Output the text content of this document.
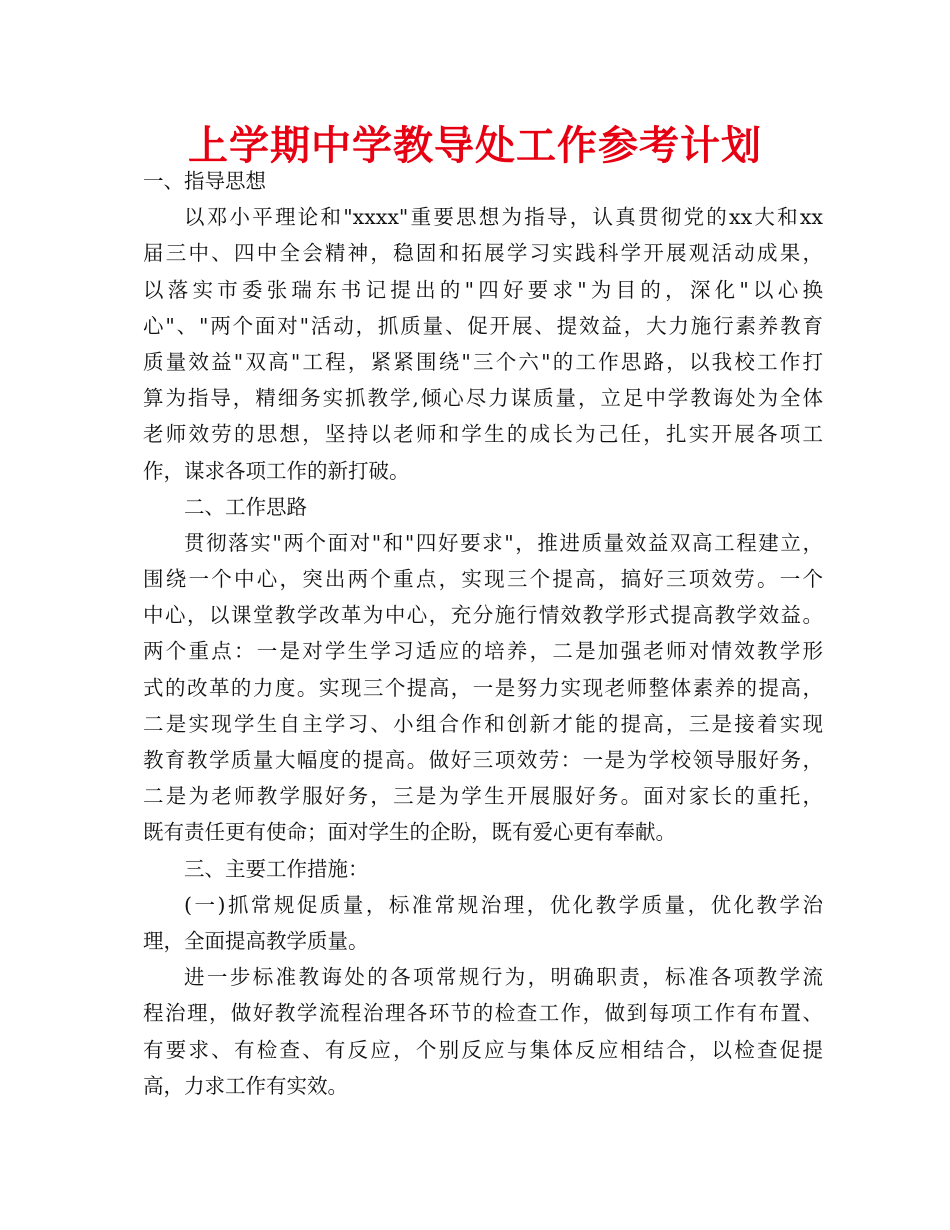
上学期中学教导处工作参考计划
一、指导思想
以邓小平理论和"xxxx"重要思想为指导，认真贯彻党的xx大和xx
届三中、四中全会精神，稳固和拓展学习实践科学开展观活动成果，
以落实市委张瑞东书记提出的"四好要求"为目的，深化"以心换
心"、"两个面对"活动，抓质量、促开展、提效益，大力施行素养教育
质量效益"双高"工程，紧紧围绕"三个六"的工作思路，以我校工作打
算为指导，精细务实抓教学,倾心尽力谋质量，立足中学教诲处为全体
老师效劳的思想，坚持以老师和学生的成长为己任，扎实开展各项工
作，谋求各项工作的新打破。
二、工作思路
贯彻落实"两个面对"和"四好要求"，推进质量效益双高工程建立，
围绕一个中心，突出两个重点，实现三个提高，搞好三项效劳。一个
中心，以课堂教学改革为中心，充分施行情效教学形式提高教学效益。
两个重点：一是对学生学习适应的培养，二是加强老师对情效教学形
式的改革的力度。实现三个提高，一是努力实现老师整体素养的提高，
二是实现学生自主学习、小组合作和创新才能的提高，三是接着实现
教育教学质量大幅度的提高。做好三项效劳：一是为学校领导服好务，
二是为老师教学服好务，三是为学生开展服好务。面对家长的重托，
既有责任更有使命；面对学生的企盼，既有爱心更有奉献。
三、主要工作措施：
(一)抓常规促质量，标准常规治理，优化教学质量，优化教学治
理，全面提高教学质量。
进一步标准教诲处的各项常规行为，明确职责，标准各项教学流
程治理，做好教学流程治理各环节的检查工作，做到每项工作有布置、
有要求、有检查、有反应，个别反应与集体反应相结合，以检查促提
高，力求工作有实效。
